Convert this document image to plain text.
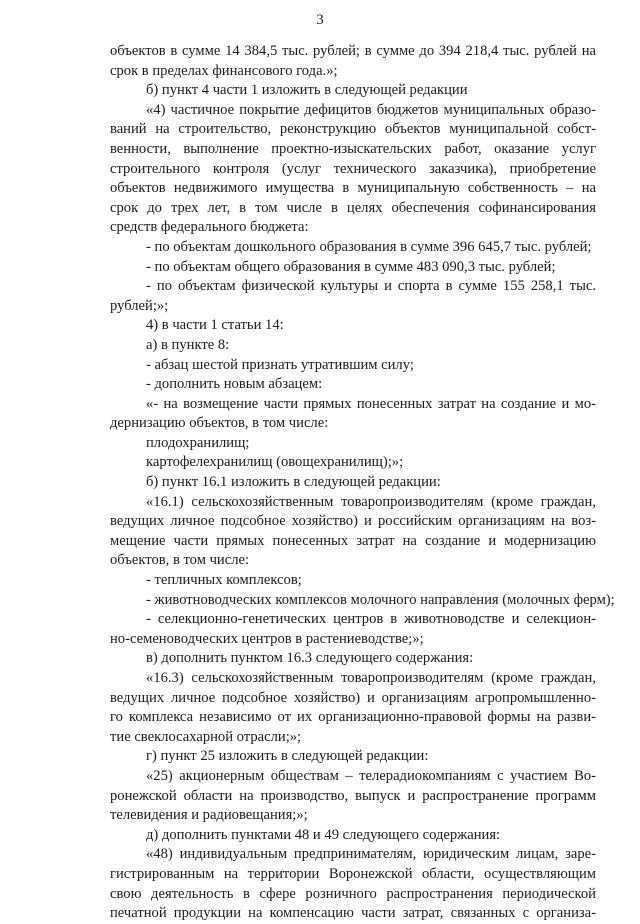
3
объектов в сумме 14 384,5 тыс. рублей; в сумме до 394 218,4 тыс. рублей на
срок в пределах финансового года.»;
б) пункт 4 части 1 изложить в следующей редакции
«4) частичное покрытие дефицитов бюджетов муниципальных образо-
ваний на строительство, реконструкцию объектов муниципальной собст-
венности, выполнение проектно-изыскательских работ, оказание услуг
строительного контроля (услуг технического заказчика), приобретение
объектов недвижимого имущества в муниципальную собственность – на
срок до трех лет, в том числе в целях обеспечения софинансирования
средств федерального бюджета:
- по объектам дошкольного образования в сумме 396 645,7 тыс. рублей;
- по объектам общего образования в сумме 483 090,3 тыс. рублей;
- по объектам физической культуры и спорта в сумме 155 258,1 тыс.
рублей;»;
4) в части 1 статьи 14:
а) в пункте 8:
- абзац шестой признать утратившим силу;
- дополнить новым абзацем:
«- на возмещение части прямых понесенных затрат на создание и мо-
дернизацию объектов, в том числе:
плодохранилищ;
картофелехранилищ (овощехранилищ);»;
б) пункт 16.1 изложить в следующей редакции:
«16.1) сельскохозяйственным товаропроизводителям (кроме граждан,
ведущих личное подсобное хозяйство) и российским организациям на воз-
мещение части прямых понесенных затрат на создание и модернизацию
объектов, в том числе:
- тепличных комплексов;
- животноводческих комплексов молочного направления (молочных ферм);
- селекционно-генетических центров в животноводстве и селекцион-
но-семеноводческих центров в растениеводстве;»;
в) дополнить пунктом 16.3 следующего содержания:
«16.3) сельскохозяйственным товаропроизводителям (кроме граждан,
ведущих личное подсобное хозяйство) и организациям агропромышленно-
го комплекса независимо от их организационно-правовой формы на разви-
тие свеклосахарной отрасли;»;
г) пункт 25 изложить в следующей редакции:
«25) акционерным обществам – телерадиокомпаниям с участием Во-
ронежской области на производство, выпуск и распространение программ
телевидения и радиовещания;»;
д) дополнить пунктами 48 и 49 следующего содержания:
«48) индивидуальным предпринимателям, юридическим лицам, заре-
гистрированным на территории Воронежской области, осуществляющим
свою деятельность в сфере розничного распространения периодической
печатной продукции на компенсацию части затрат, связанных с организа-
